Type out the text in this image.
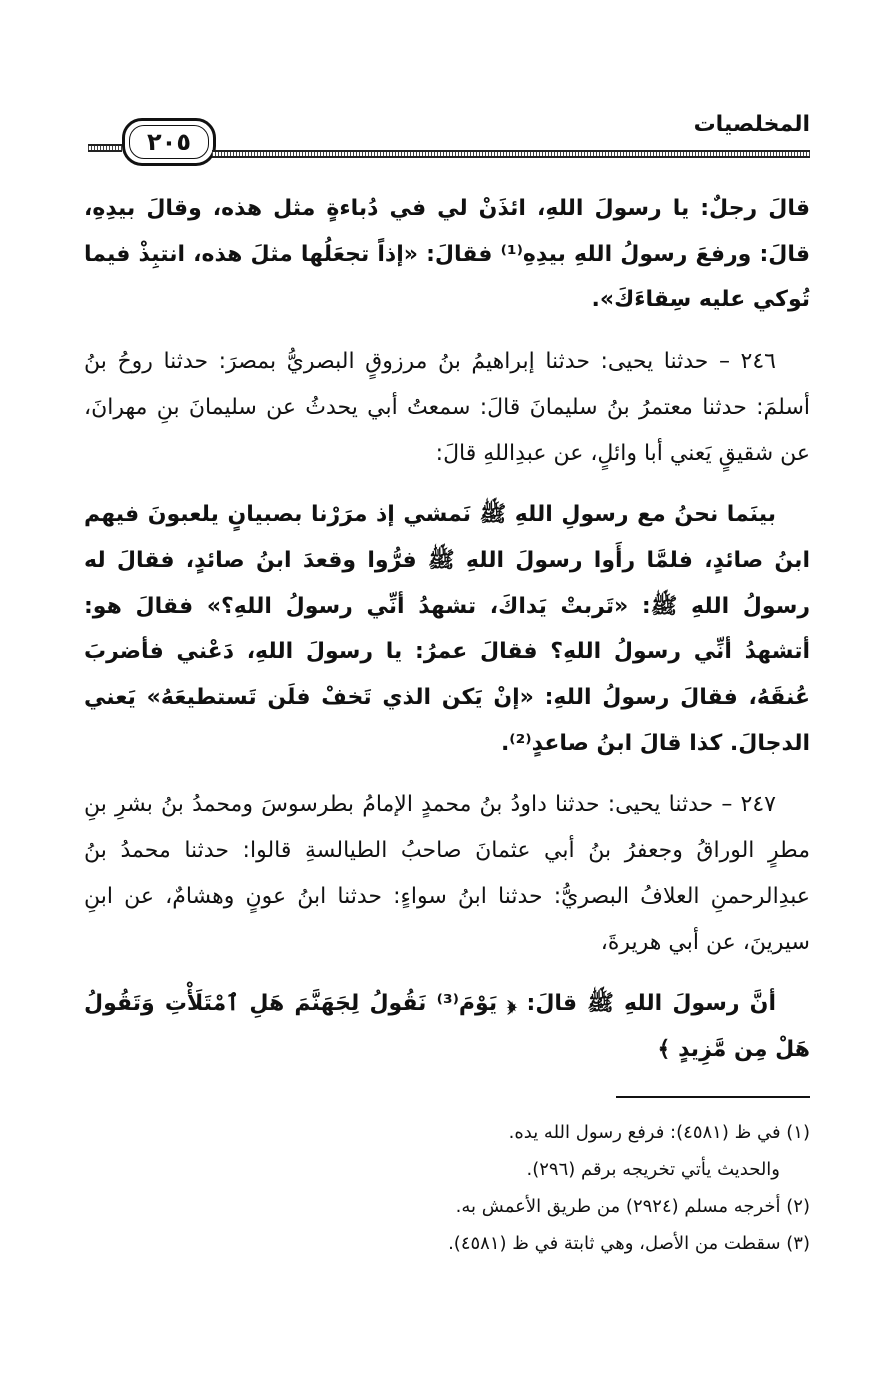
٢٠٥
المخلصيات

قالَ رجلٌ: يا رسولَ اللهِ، ائذَنْ لي في دُباءةٍ مثل هذه، وقالَ بيدِهِ، قالَ: ورفعَ رسولُ اللهِ بيدِهِ⁽¹⁾ فقالَ: «إذاً تجعَلُها مثلَ هذه، انتبِذْ فيما تُوكي عليه سِقاءَكَ».

٢٤٦ – حدثنا يحيى: حدثنا إبراهيمُ بنُ مرزوقٍ البصريُّ بمصرَ: حدثنا روحُ بنُ أسلمَ: حدثنا معتمرُ بنُ سليمانَ قالَ: سمعتُ أبي يحدثُ عن سليمانَ بنِ مهرانَ، عن شقيقٍ يَعني أبا وائلٍ، عن عبدِاللهِ قالَ:

بينَما نحنُ مع رسولِ اللهِ ﷺ نَمشي إذ مرَرْنا بصبيانٍ يلعبونَ فيهم ابنُ صائدٍ، فلمَّا رأَوا رسولَ اللهِ ﷺ فرُّوا وقعدَ ابنُ صائدٍ، فقالَ له رسولُ اللهِ ﷺ: «تَربتْ يَداكَ، تشهدُ أنِّي رسولُ اللهِ؟» فقالَ هو: أتشهدُ أنِّي رسولُ اللهِ؟ فقالَ عمرُ: يا رسولَ اللهِ، دَعْني فأضربَ عُنقَهُ، فقالَ رسولُ اللهِ: «إنْ يَكن الذي تَخفْ فلَن تَستطيعَهُ» يَعني الدجالَ. كذا قالَ ابنُ صاعدٍ⁽²⁾.

٢٤٧ – حدثنا يحيى: حدثنا داودُ بنُ محمدٍ الإمامُ بطرسوسَ ومحمدُ بنُ بشرِ بنِ مطرٍ الوراقُ وجعفرُ بنُ أبي عثمانَ صاحبُ الطيالسةِ قالوا: حدثنا محمدُ بنُ عبدِالرحمنِ العلافُ البصريُّ: حدثنا ابنُ سواءٍ: حدثنا ابنُ عونٍ وهشامٌ، عن ابنِ سيرينَ، عن أبي هريرةَ،

أنَّ رسولَ اللهِ ﷺ قالَ: ﴿ يَوْمَ⁽³⁾ نَقُولُ لِجَهَنَّمَ هَلِ ٱمْتَلَأْتِ وَتَقُولُ هَلْ مِن مَّزِيدٍ ﴾

(١) في ظ (٤٥٨١): فرفع رسول الله يده.

والحديث يأتي تخريجه برقم (٢٩٦).

(٢) أخرجه مسلم (٢٩٢٤) من طريق الأعمش به.

(٣) سقطت من الأصل، وهي ثابتة في ظ (٤٥٨١).
